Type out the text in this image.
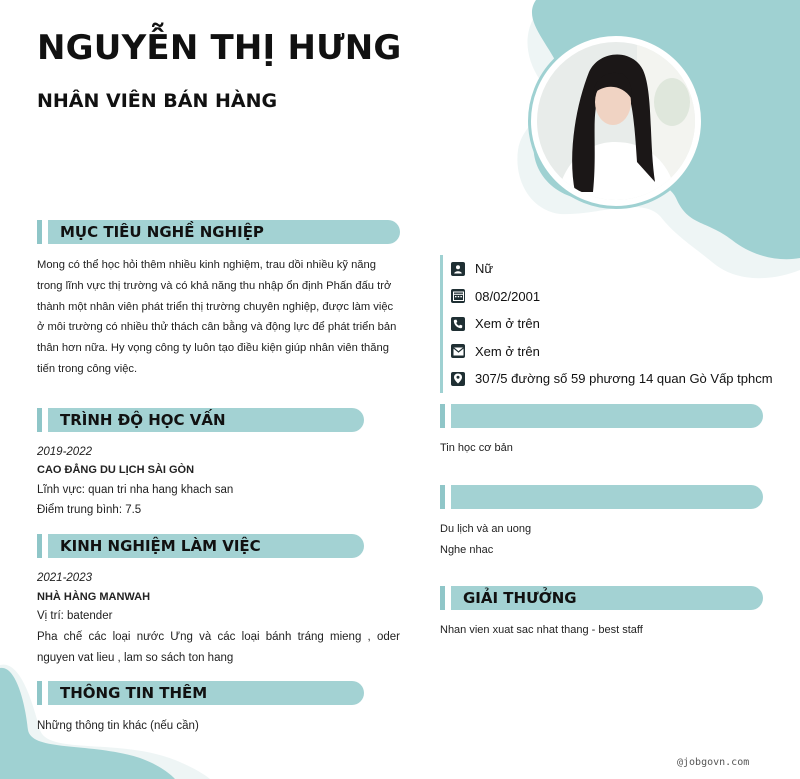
NGUYỄN THỊ HƯNG
NHÂN VIÊN BÁN HÀNG
MỤC TIÊU NGHỀ NGHIỆP

Mong có thể học hỏi thêm nhiều kinh nghiệm, trau dồi nhiều kỹ năng trong lĩnh vực thị trường và có khả năng thu nhập ổn định Phấn đấu trở thành một nhân viên phát triển thị trường chuyên nghiệp, được làm việc ở môi trường có nhiều thử thách cân bằng và động lực để phát triển bản thân hơn nữa. Hy vọng công ty luôn tạo điều kiện giúp nhân viên thăng tiến trong công việc.

TRÌNH ĐỘ HỌC VẤN
2019-2022
CAO ĐẲNG DU LỊCH SÀI GÒN
Lĩnh vực: quan tri nha hang khach san
Điểm trung bình: 7.5
KINH NGHIỆM LÀM VIỆC
2021-2023
NHÀ HÀNG MANWAH
Vị trí: batender
Pha chế các loại nước Ưng và các loại bánh tráng mieng , oder nguyen vat lieu , lam so sách ton hang
THÔNG TIN THÊM
Những thông tin khác (nếu cần)
Nữ
08/02/2001
Xem ở trên
Xem ở trên
307/5 đường số 59 phương 14 quan Gò Vấp tphcm
Tin học cơ bản
Du lịch và an uong
Nghe nhac
GIẢI THƯỞNG
Nhan vien xuat sac nhat thang - best staff
@jobgovn.com
